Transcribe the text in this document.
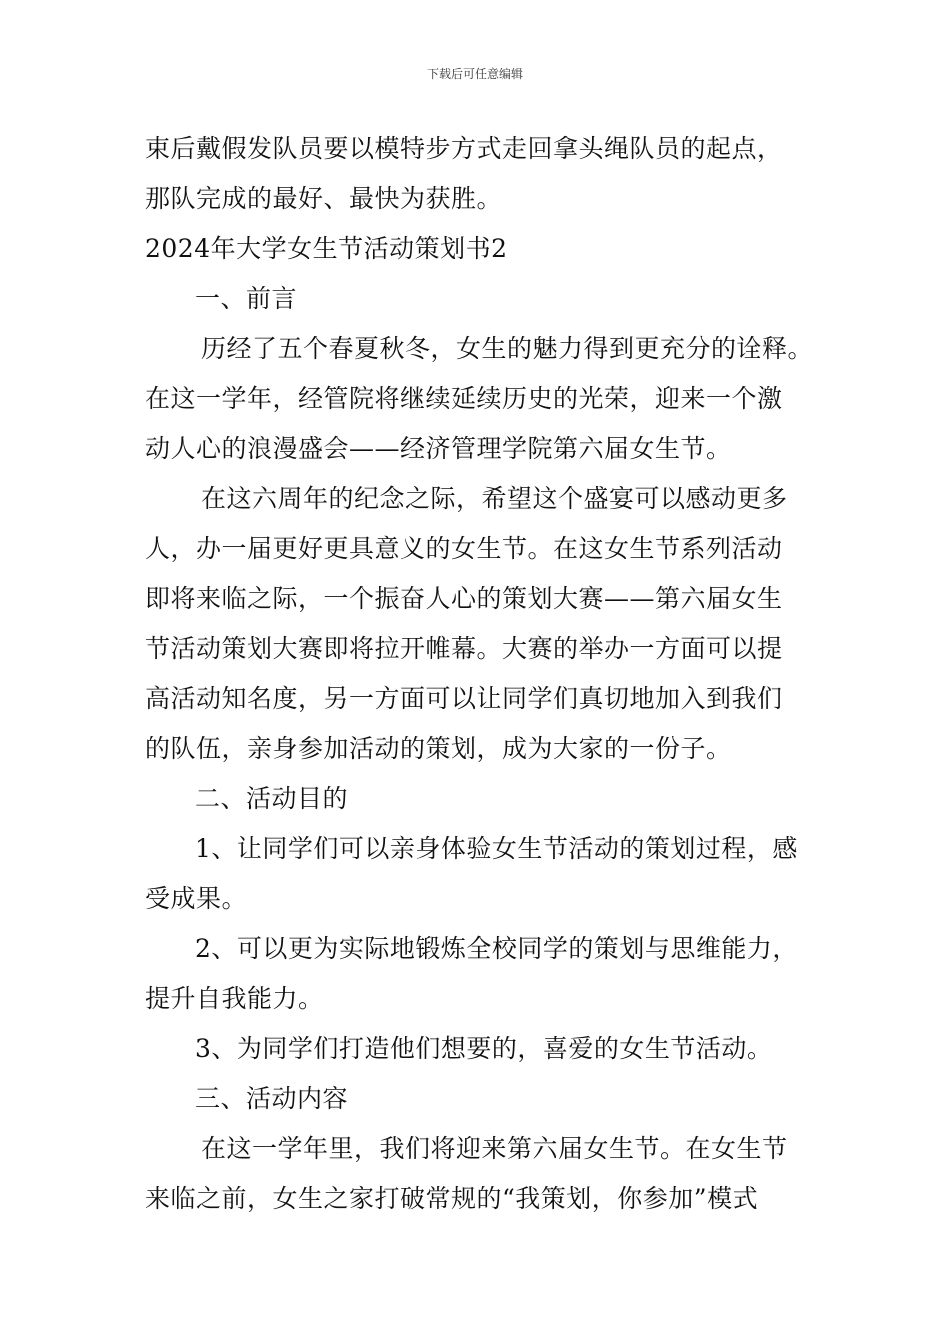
下载后可任意编辑
束后戴假发队员要以模特步方式走回拿头绳队员的起点，
那队完成的最好、最快为获胜。
2024年大学女生节活动策划书2
一、前言
历经了五个春夏秋冬，女生的魅力得到更充分的诠释。
在这一学年，经管院将继续延续历史的光荣，迎来一个激
动人心的浪漫盛会——经济管理学院第六届女生节。
在这六周年的纪念之际，希望这个盛宴可以感动更多
人，办一届更好更具意义的女生节。在这女生节系列活动
即将来临之际，一个振奋人心的策划大赛——第六届女生
节活动策划大赛即将拉开帷幕。大赛的举办一方面可以提
高活动知名度，另一方面可以让同学们真切地加入到我们
的队伍，亲身参加活动的策划，成为大家的一份子。
二、活动目的
1、让同学们可以亲身体验女生节活动的策划过程，感
受成果。
2、可以更为实际地锻炼全校同学的策划与思维能力，
提升自我能力。
3、为同学们打造他们想要的，喜爱的女生节活动。
三、活动内容
在这一学年里，我们将迎来第六届女生节。在女生节
来临之前，女生之家打破常规的“我策划，你参加”模式
